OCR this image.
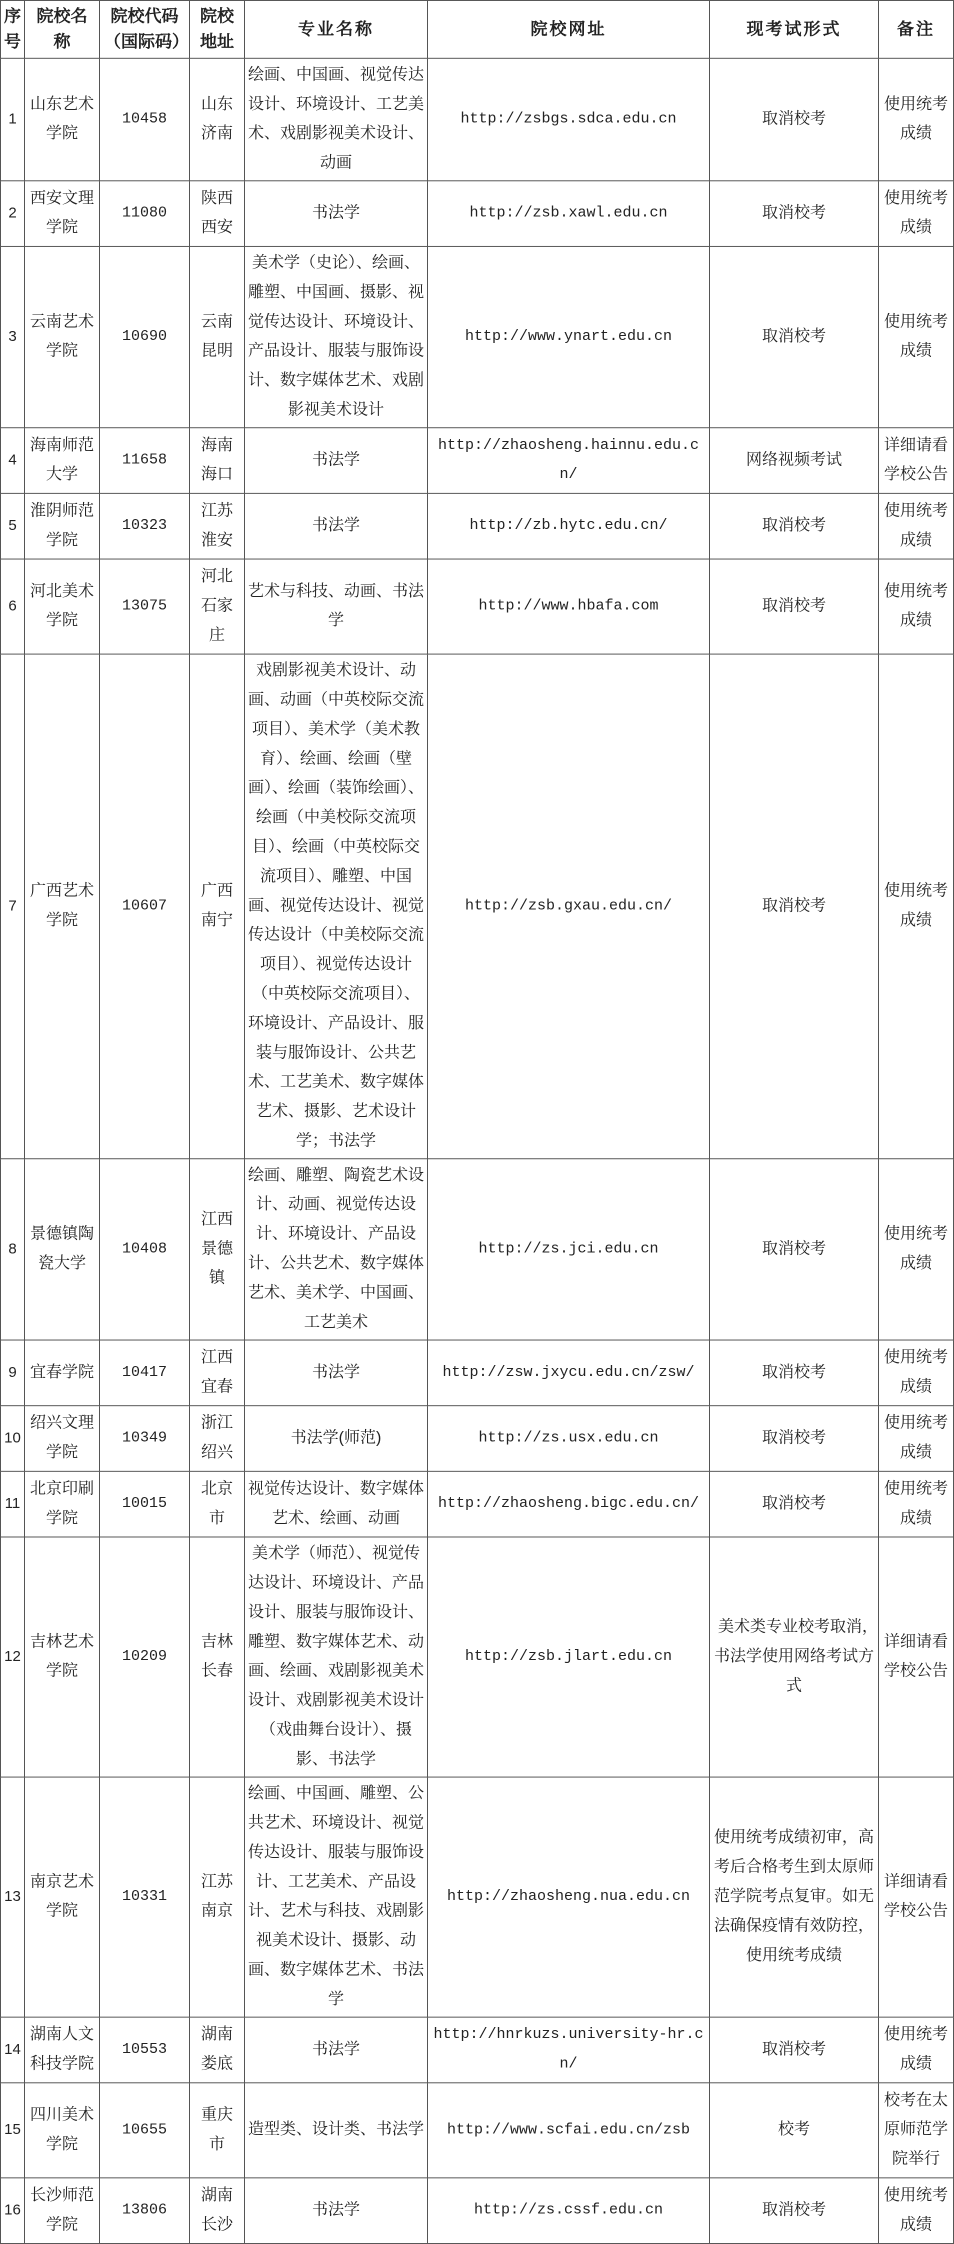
序号	院校名称	院校代码（国际码）	院校地址	专业名称	院校网址	现考试形式	备注
1	山东艺术学院	10458	山东济南	绘画、中国画、视觉传达设计、环境设计、工艺美术、戏剧影视美术设计、动画	http://zsbgs.sdca.edu.cn	取消校考	使用统考成绩
2	西安文理学院	11080	陕西西安	书法学	http://zsb.xawl.edu.cn	取消校考	使用统考成绩
3	云南艺术学院	10690	云南昆明	美术学（史论）、绘画、雕塑、中国画、摄影、视觉传达设计、环境设计、产品设计、服装与服饰设计、数字媒体艺术、戏剧影视美术设计	http://www.ynart.edu.cn	取消校考	使用统考成绩
4	海南师范大学	11658	海南海口	书法学	http://zhaosheng.hainnu.edu.cn/	网络视频考试	详细请看学校公告
5	淮阴师范学院	10323	江苏淮安	书法学	http://zb.hytc.edu.cn/	取消校考	使用统考成绩
6	河北美术学院	13075	河北石家庄	艺术与科技、动画、书法学	http://www.hbafa.com	取消校考	使用统考成绩
7	广西艺术学院	10607	广西南宁	戏剧影视美术设计、动画、动画（中英校际交流项目）、美术学（美术教育）、绘画、绘画（壁画）、绘画（装饰绘画）、绘画（中美校际交流项目）、绘画（中英校际交流项目）、雕塑、中国画、视觉传达设计、视觉传达设计（中美校际交流项目）、视觉传达设计（中英校际交流项目）、环境设计、产品设计、服装与服饰设计、公共艺术、工艺美术、数字媒体艺术、摄影、艺术设计学；书法学	http://zsb.gxau.edu.cn/	取消校考	使用统考成绩
8	景德镇陶瓷大学	10408	江西景德镇	绘画、雕塑、陶瓷艺术设计、动画、视觉传达设计、环境设计、产品设计、公共艺术、数字媒体艺术、美术学、中国画、工艺美术	http://zs.jci.edu.cn	取消校考	使用统考成绩
9	宜春学院	10417	江西宜春	书法学	http://zsw.jxycu.edu.cn/zsw/	取消校考	使用统考成绩
10	绍兴文理学院	10349	浙江绍兴	书法学(师范)	http://zs.usx.edu.cn	取消校考	使用统考成绩
11	北京印刷学院	10015	北京市	视觉传达设计、数字媒体艺术、绘画、动画	http://zhaosheng.bigc.edu.cn/	取消校考	使用统考成绩
12	吉林艺术学院	10209	吉林长春	美术学（师范）、视觉传达设计、环境设计、产品设计、服装与服饰设计、雕塑、数字媒体艺术、动画、绘画、戏剧影视美术设计、戏剧影视美术设计（戏曲舞台设计）、摄影、书法学	http://zsb.jlart.edu.cn	美术类专业校考取消，　书法学使用网络考试方式	详细请看学校公告
13	南京艺术学院	10331	江苏南京	绘画、中国画、雕塑、公共艺术、环境设计、视觉传达设计、服装与服饰设计、工艺美术、产品设计、艺术与科技、戏剧影视美术设计、摄影、动画、数字媒体艺术、书法学	http://zhaosheng.nua.edu.cn	使用统考成绩初审，高考后合格考生到太原师范学院考点复审。如无法确保疫情有效防控，使用统考成绩	详细请看学校公告
14	湖南人文科技学院	10553	湖南娄底	书法学	http://hnrkuzs.university-hr.cn/	取消校考	使用统考成绩
15	四川美术学院	10655	重庆市	造型类、设计类、书法学	http://www.scfai.edu.cn/zsb	校考	校考在太原师范学院举行
16	长沙师范学院	13806	湖南长沙	书法学	http://zs.cssf.edu.cn	取消校考	使用统考成绩
